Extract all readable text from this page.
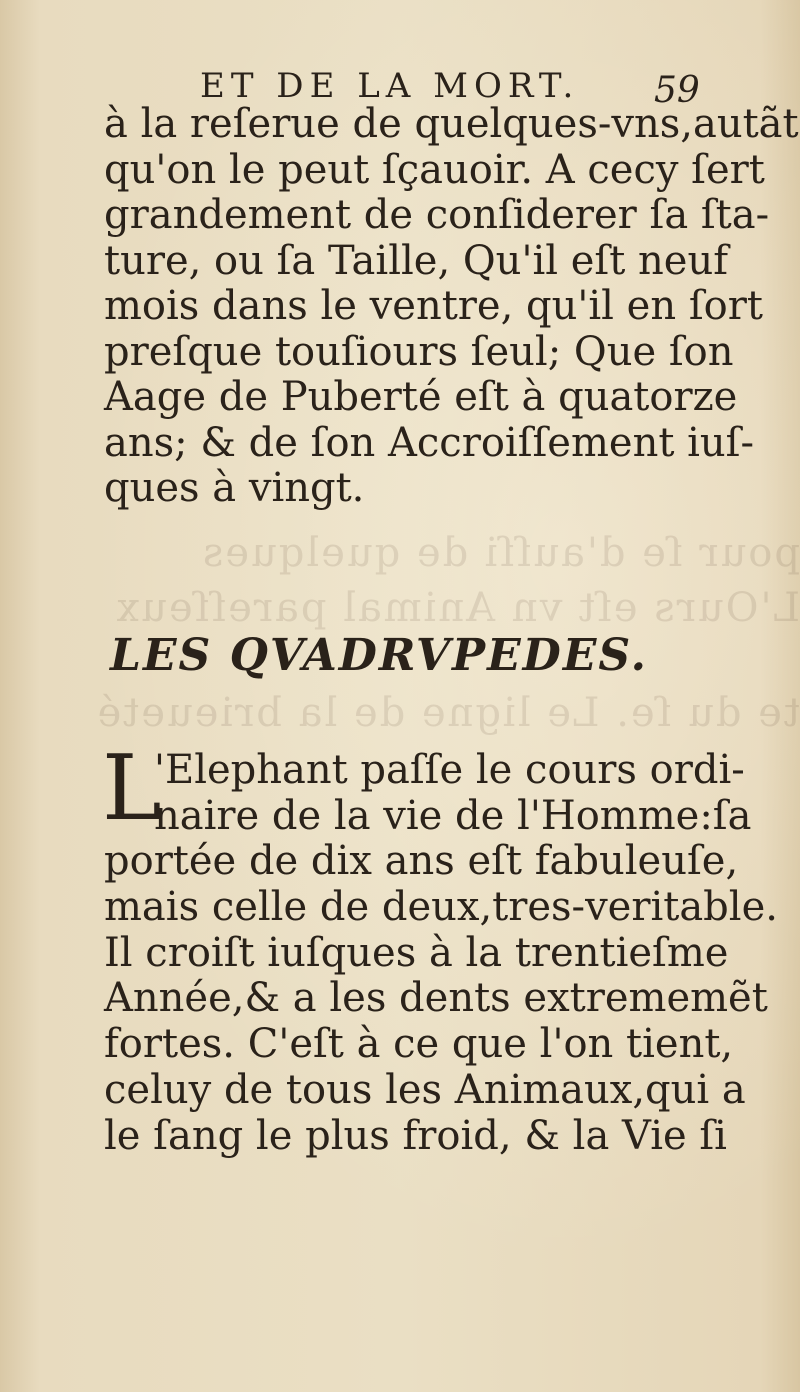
pour ſe d'auſſi de quelques
L'Ours eſt vn Animal pareſſeux
te du ſe. Le ligne de la brieueté
ET DE LA MORT. 59
à la reſerue de quelques-vns,autãt
qu'on le peut ſçauoir. A cecy ſert
grandement de conſiderer ſa ſta-
ture, ou ſa Taille, Qu'il eſt neuf
mois dans le ventre, qu'il en ſort
preſque touſiours ſeul; Que ſon
Aage de Puberté eſt à quatorze
ans; & de ſon Accroiſſement iuſ-
ques à vingt.
LES QVADRVPEDES.
L
'Elephant paſſe le cours ordi-
naire de la vie de l'Homme:ſa
portée de dix ans eſt fabuleuſe,
mais celle de deux,tres-veritable.
Il croiſt iuſques à la trentieſme
Année,& a les dents extrememẽt
fortes. C'eſt à ce que l'on tient,
celuy de tous les Animaux,qui a
le ſang le plus froid, & la Vie ſi
